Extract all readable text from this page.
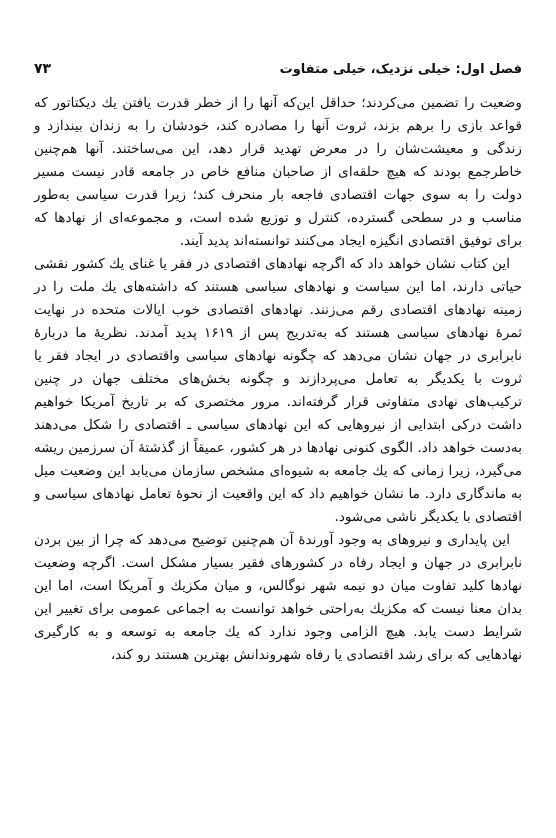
فصل اول: خیلی نزدیک، خیلی متفاوت
۷۳

وضعیت را تضمین می‌کردند؛ حداقل این‌که آنها را از خطر قدرت یافتن یك دیکتاتور که قواعد بازی را برهم بزند، ثروت آنها را مصادره کند، خودشان را به زندان بیندازد و زندگی و معیشت‌شان را در معرض تهدید قرار دهد، این می‌ساختند. آنها هم‌چنین خاطرجمع بودند که هیچ حلقه‌ای از صاحبان منافع خاص در جامعه قادر نیست مسیر دولت را به سوی جهات اقتصادی فاجعه بار منحرف کند؛ زیرا قدرت سیاسی به‌طور مناسب و در سطحی گسترده، کنترل و توزیع شده است، و مجموعه‌ای از نهادها که برای توفیق اقتصادی انگیزه ایجاد می‌کنند توانسته‌اند پدید آیند.

این کتاب نشان خواهد داد که اگرچه نهادهای اقتصادی در فقر یا غنای یك کشور نقشی حیاتی دارند، اما این سیاست و نهادهای سیاسی هستند که داشته‌های یك ملت را در زمینه نهادهای اقتصادی رقم می‌زنند. نهادهای اقتصادی خوب ایالات متحده در نهایت ثمرهٔ نهادهای سیاسی هستند که به‌تدریج پس از ۱۶۱۹ پدید آمدند. نظریهٔ ما دربارهٔ نابرابری در جهان نشان می‌دهد که چگونه نهادهای سیاسی واقتصادی در ایجاد فقر یا ثروت با یکدیگر به تعامل می‌پردازند و چگونه بخش‌های مختلف جهان در چنین ترکیب‌های نهادی متفاوتی قرار گرفته‌اند. مرور مختصری که بر تاریخ آمریکا خواهیم داشت درکی ابتدایی از نیروهایی که این نهادهای سیاسی ـ اقتصادی را شکل می‌دهند به‌دست خواهد داد. الگوی کنونی نهادها در هر کشور، عمیقاً از گذشتهٔ آن سرزمین ریشه می‌گیرد، زیرا زمانی که یك جامعه به شیوه‌ای مشخص سازمان می‌یابد این وضعیت میل به ماندگاری دارد. ما نشان خواهیم داد که این واقعیت از نحوهٔ تعامل نهادهای سیاسی و اقتصادی با یکدیگر ناشی می‌شود.

این پایداری و نیروهای به وجود آورندهٔ آن هم‌چنین توضیح می‌دهد که چرا از بین بردن نابرابری در جهان و ایجاد رفاه در کشورهای فقیر بسیار مشکل است. اگرچه وضعیت نهادها کلید تفاوت میان دو نیمه شهر نوگالس، و میان مکزیك و آمریکا است، اما این بدان معنا نیست که مکزیك به‌راحتی خواهد توانست به اجماعی عمومی برای تغییر این شرایط دست یابد. هیچ الزامی وجود ندارد که یك جامعه به توسعه و به کارگیری نهادهایی که برای رشد اقتصادی یا رفاه شهروندانش بهترین هستند رو کند،
